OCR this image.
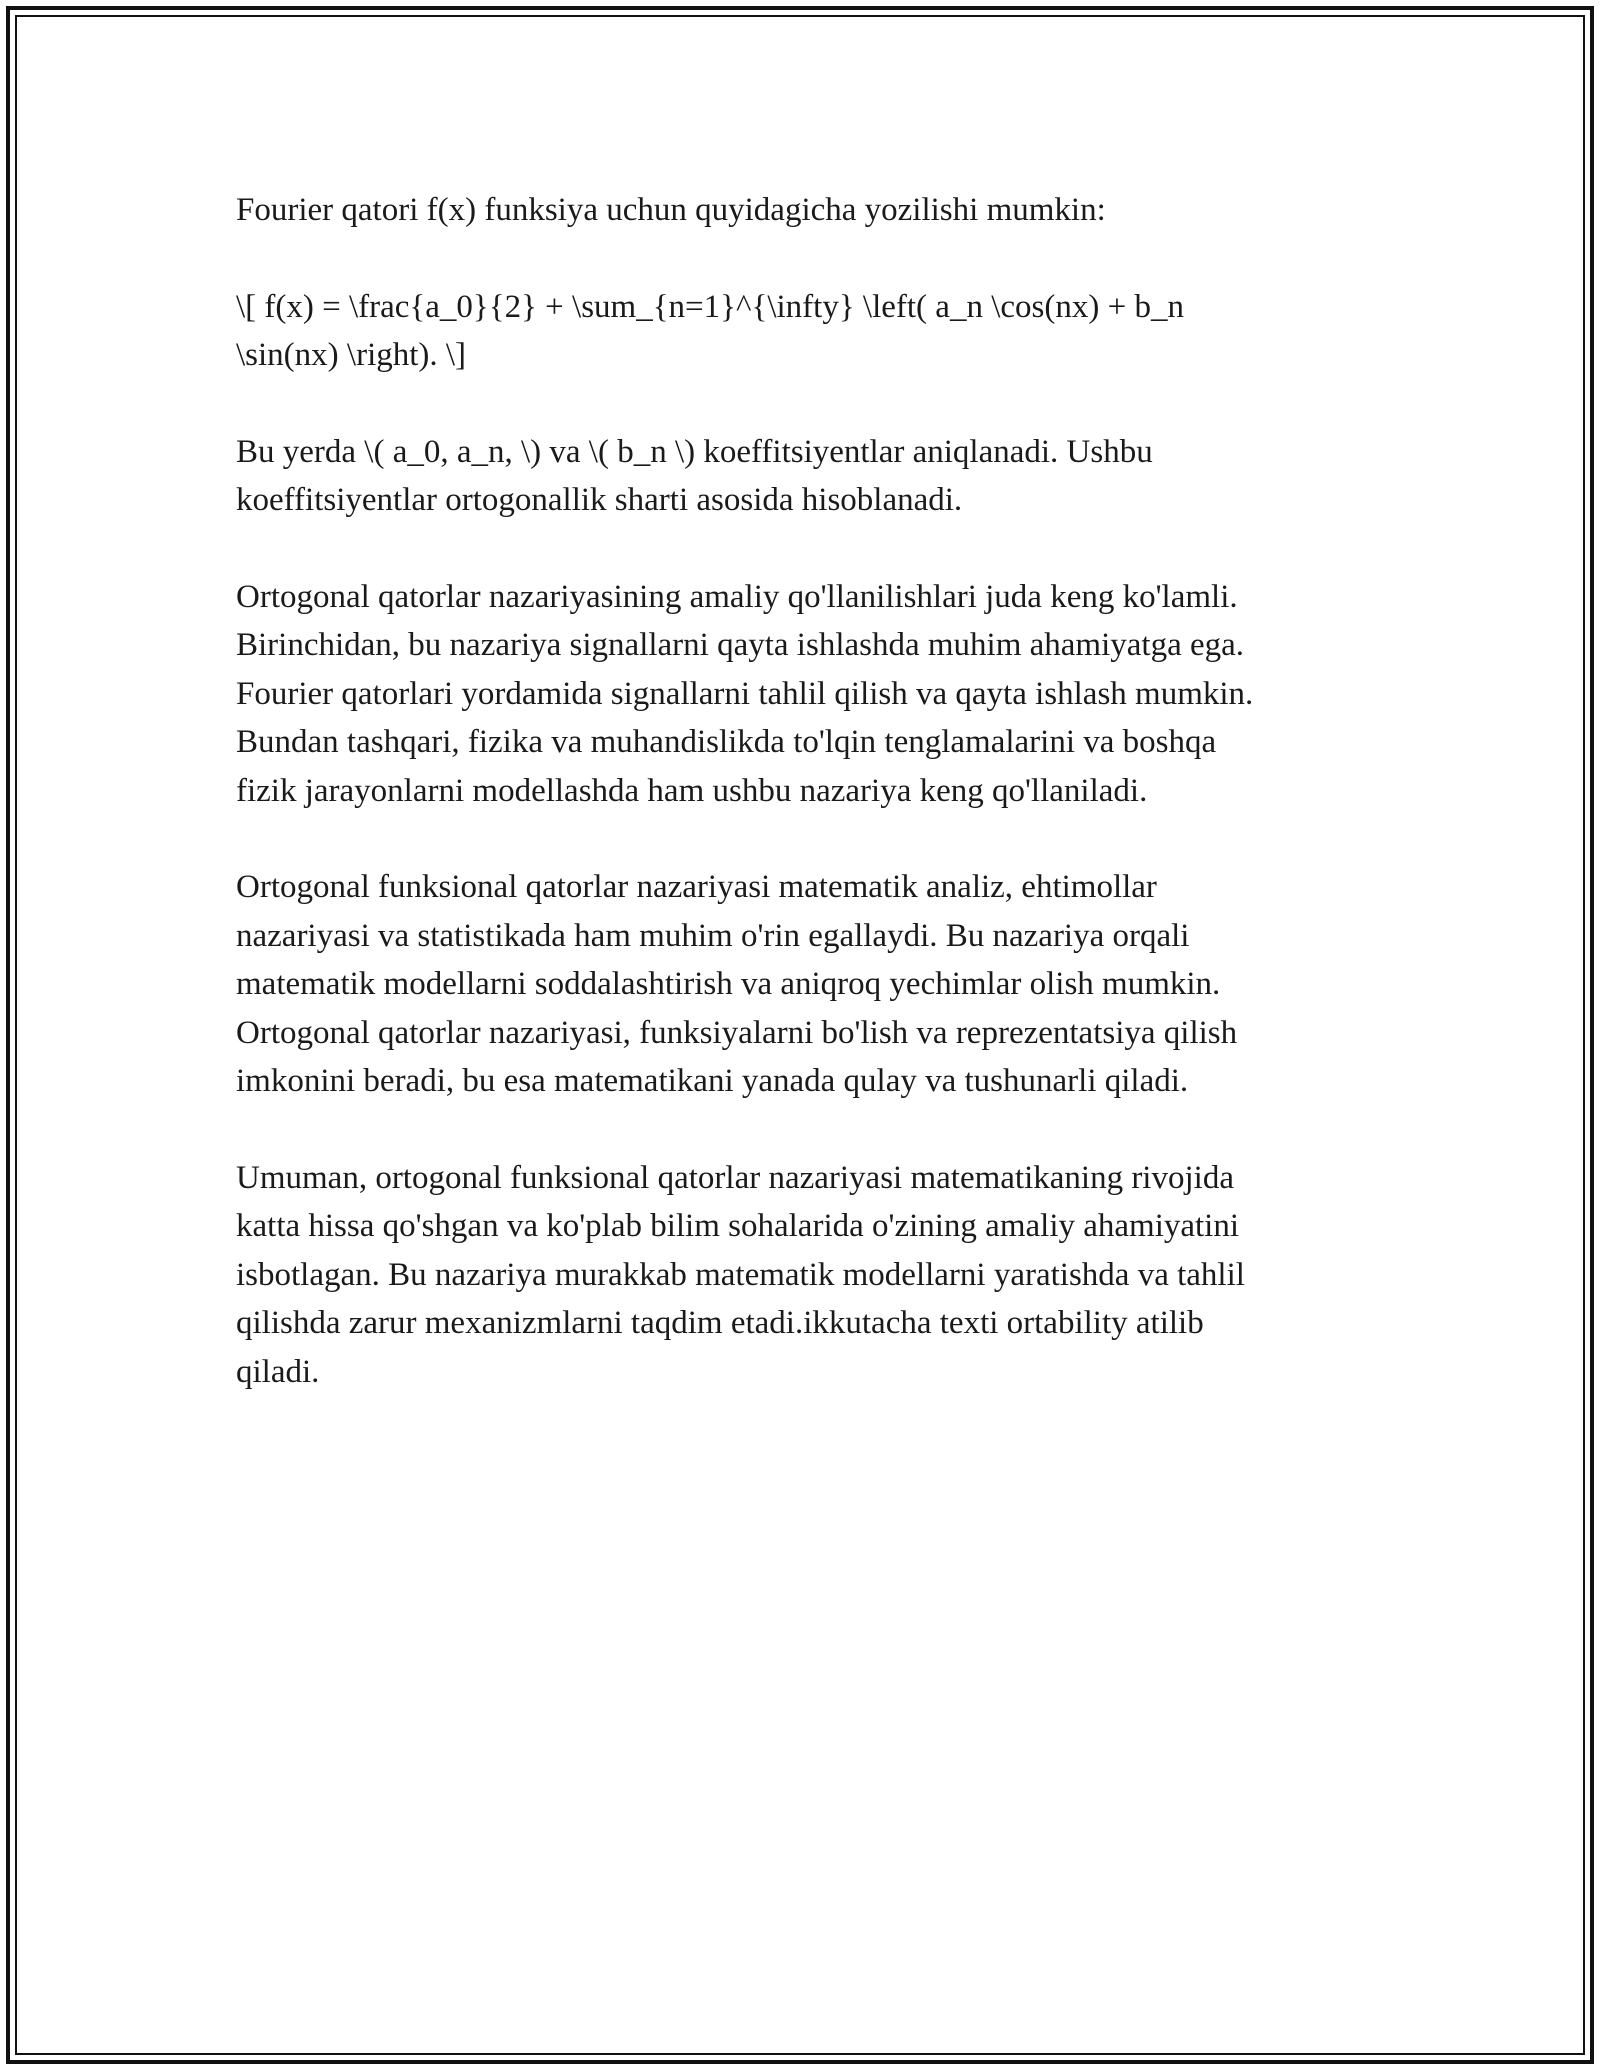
Fourier qatori f(x) funksiya uchun quyidagicha yozilishi mumkin:

\[ f(x) = \frac{a_0}{2} + \sum_{n=1}^{\infty} \left( a_n \cos(nx) + b_n
\sin(nx) \right). \]

Bu yerda \( a_0, a_n, \) va \( b_n \) koeffitsiyentlar aniqlanadi. Ushbu
koeffitsiyentlar ortogonallik sharti asosida hisoblanadi.

Ortogonal qatorlar nazariyasining amaliy qo'llanilishlari juda keng ko'lamli.
Birinchidan, bu nazariya signallarni qayta ishlashda muhim ahamiyatga ega.
Fourier qatorlari yordamida signallarni tahlil qilish va qayta ishlash mumkin.
Bundan tashqari, fizika va muhandislikda to'lqin tenglamalarini va boshqa
fizik jarayonlarni modellashda ham ushbu nazariya keng qo'llaniladi.

Ortogonal funksional qatorlar nazariyasi matematik analiz, ehtimollar
nazariyasi va statistikada ham muhim o'rin egallaydi. Bu nazariya orqali
matematik modellarni soddalashtirish va aniqroq yechimlar olish mumkin.
Ortogonal qatorlar nazariyasi, funksiyalarni bo'lish va reprezentatsiya qilish
imkonini beradi, bu esa matematikani yanada qulay va tushunarli qiladi.

Umuman, ortogonal funksional qatorlar nazariyasi matematikaning rivojida
katta hissa qo'shgan va ko'plab bilim sohalarida o'zining amaliy ahamiyatini
isbotlagan. Bu nazariya murakkab matematik modellarni yaratishda va tahlil
qilishda zarur mexanizmlarni taqdim etadi.ikkutacha texti ortability atilib
qiladi.
